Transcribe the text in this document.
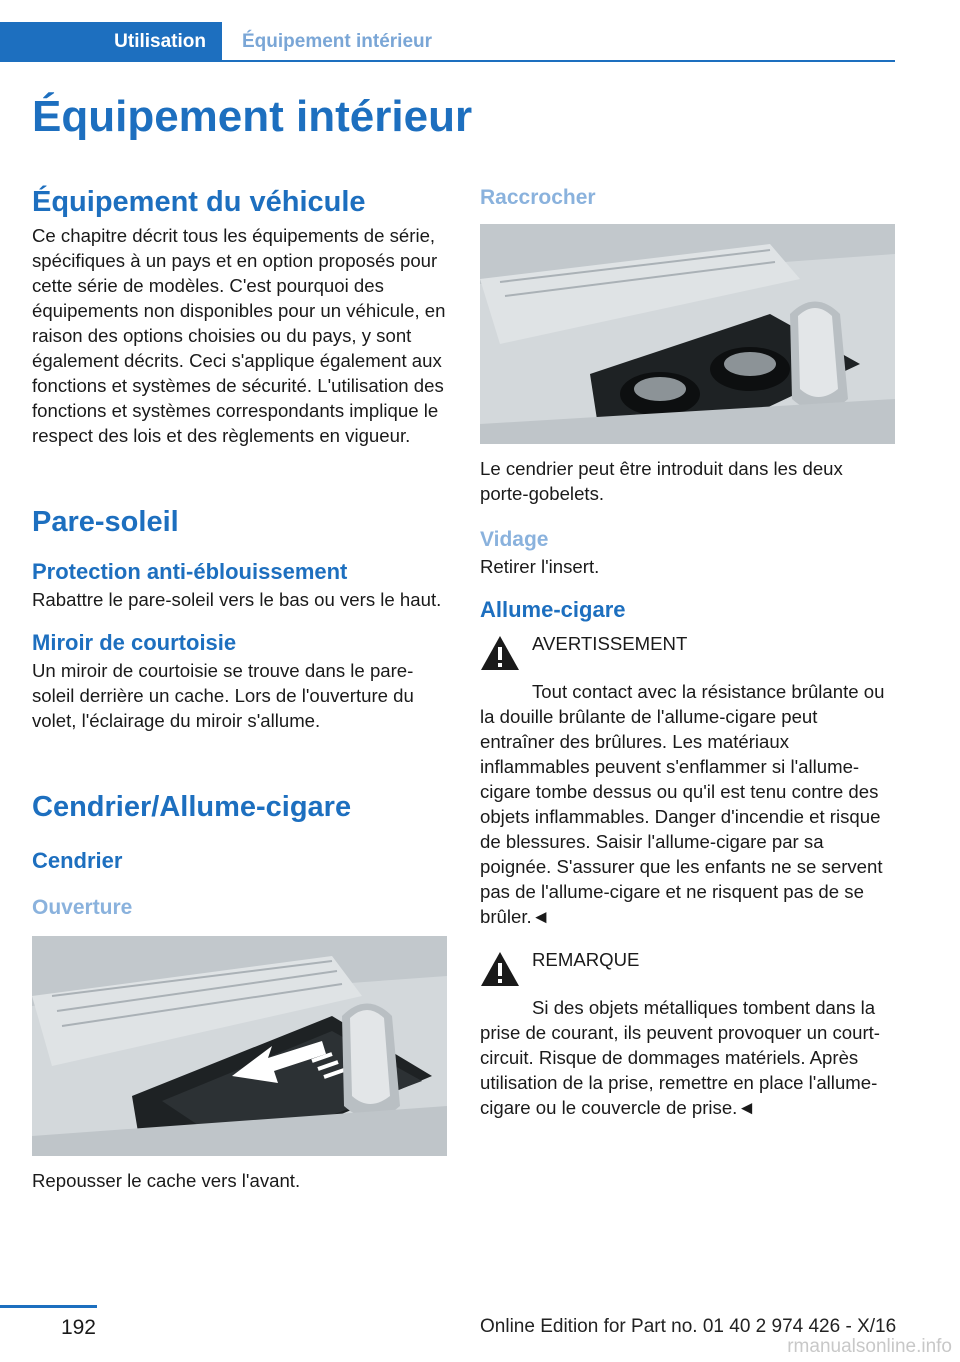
Utilisation	Équipement intérieur
Équipement intérieur
Équipement du véhicule

Ce chapitre décrit tous les équipements de série, spécifiques à un pays et en option proposés pour cette série de modèles. C'est pourquoi des équipements non disponibles pour un véhicule, en raison des options choisies ou du pays, y sont également décrits. Ceci s'applique également aux fonctions et systèmes de sécurité. L'utilisation des fonctions et systèmes correspondants implique le respect des lois et des règlements en vigueur.

Pare-soleil
Protection anti-éblouissement

Rabattre le pare-soleil vers le bas ou vers le haut.

Miroir de courtoisie

Un miroir de courtoisie se trouve dans le pare-soleil derrière un cache. Lors de l'ouverture du volet, l'éclairage du miroir s'allume.

Cendrier/Allume-cigare
Cendrier
Ouverture

Repousser le cache vers l'avant.

Raccrocher

Le cendrier peut être introduit dans les deux porte-gobelets.

Vidage

Retirer l'insert.

Allume-cigare

AVERTISSEMENT

Tout contact avec la résistance brûlante ou la douille brûlante de l'allume-cigare peut entraîner des brûlures. Les matériaux inflammables peuvent s'enflammer si l'allume-cigare tombe dessus ou qu'il est tenu contre des objets inflammables. Danger d'incendie et risque de blessures. Saisir l'allume-cigare par sa poignée. S'assurer que les enfants ne se servent pas de l'allume-cigare et ne risquent pas de se brûler.◄

REMARQUE

Si des objets métalliques tombent dans la prise de courant, ils peuvent provoquer un court-circuit. Risque de dommages matériels. Après utilisation de la prise, remettre en place l'allume-cigare ou le couvercle de prise.◄

192	Online Edition for Part no. 01 40 2 974 426 - X/16
rmanualsonline.info
